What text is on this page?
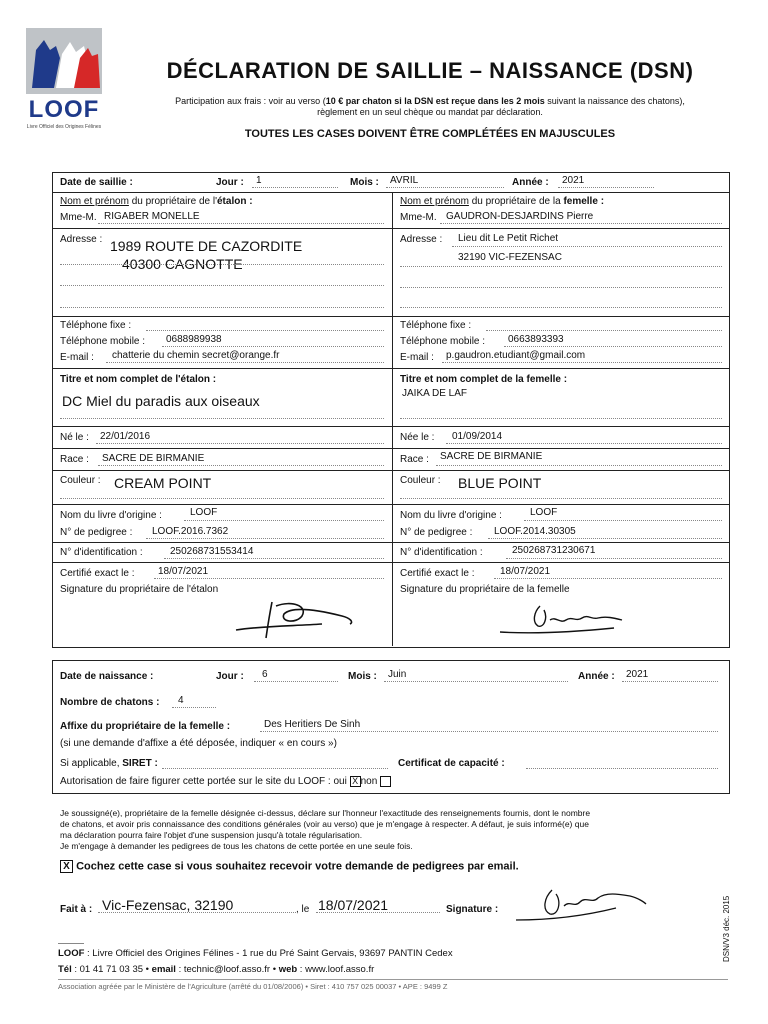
LOOF
Livre Officiel des Origines Félines
DÉCLARATION DE SAILLIE – NAISSANCE (DSN)
Participation aux frais : voir au verso (10 € par chaton si la DSN est reçue dans les 2 mois suivant la naissance des chatons),
règlement en un seul chèque ou mandat par déclaration.
TOUTES LES CASES DOIVENT ÊTRE COMPLÉTÉES EN MAJUSCULES
Date de saillie :	Jour : 1	Mois : AVRIL	Année : 2021
Nom et prénom du propriétaire de l'étalon :
Mme-M. RIGABER MONELLE
Nom et prénom du propriétaire de la femelle :
Mme-M. GAUDRON-DESJARDINS Pierre
Adresse : 1989 ROUTE DE CAZORDITE
40300 CAGNOTTE
Adresse : Lieu dit Le Petit Richet
32190 VIC-FEZENSAC
Téléphone fixe :
Téléphone mobile : 0688989938
E-mail : chatterie du chemin secret@orange.fr
Téléphone fixe :
Téléphone mobile : 0663893393
E-mail : p.gaudron.etudiant@gmail.com
Titre et nom complet de l'étalon :
DC Miel du paradis aux oiseaux
Titre et nom complet de la femelle :
JAIKA DE LAF
Né le : 22/01/2016	Née le : 01/09/2014
Race : SACRE DE BIRMANIE	Race : SACRE DE BIRMANIE
Couleur : CREAM POINT	Couleur : BLUE POINT
Nom du livre d'origine :	LOOF
N° de pedigree : LOOF.2016.7362
Nom du livre d'origine :	LOOF
N° de pedigree : LOOF.2014.30305
N° d'identification :	250268731553414	N° d'identification :	250268731230671
Certifié exact le : 18/07/2021
Signature du propriétaire de l'étalon
Certifié exact le :	18/07/2021
Signature du propriétaire de la femelle
Date de naissance :	Jour : 6	Mois : Juin	Année : 2021
Nombre de chatons : 4
Affixe du propriétaire de la femelle :	Des Heritiers De Sinh
(si une demande d'affixe a été déposée, indiquer « en cours »)
Si applicable, SIRET :	Certificat de capacité :
Autorisation de faire figurer cette portée sur le site du LOOF : oui X non
Je soussigné(e), propriétaire de la femelle désignée ci-dessus, déclare sur l'honneur l'exactitude des renseignements fournis, dont le nombre
de chatons, et avoir pris connaissance des conditions générales (voir au verso) que je m'engage à respecter. A défaut, je suis informé(e) que
ma déclaration pourra faire l'objet d'une suspension jusqu'à totale régularisation.
Je m'engage à demander les pedigrees de tous les chatons de cette portée en une seule fois.
X Cochez cette case si vous souhaitez recevoir votre demande de pedigrees par email.
Fait à : Vic-Fezensac, 32190	, le 18/07/2021	Signature :
LOOF : Livre Officiel des Origines Félines - 1 rue du Pré Saint Gervais, 93697 PANTIN Cedex
Tél : 01 41 71 03 35 • email : technic@loof.asso.fr • web : www.loof.asso.fr
Association agréée par le Ministère de l'Agriculture (arrêté du 01/08/2006) • Siret : 410 757 025 00037 • APE : 9499 Z
DSN/V3 déc. 2015
